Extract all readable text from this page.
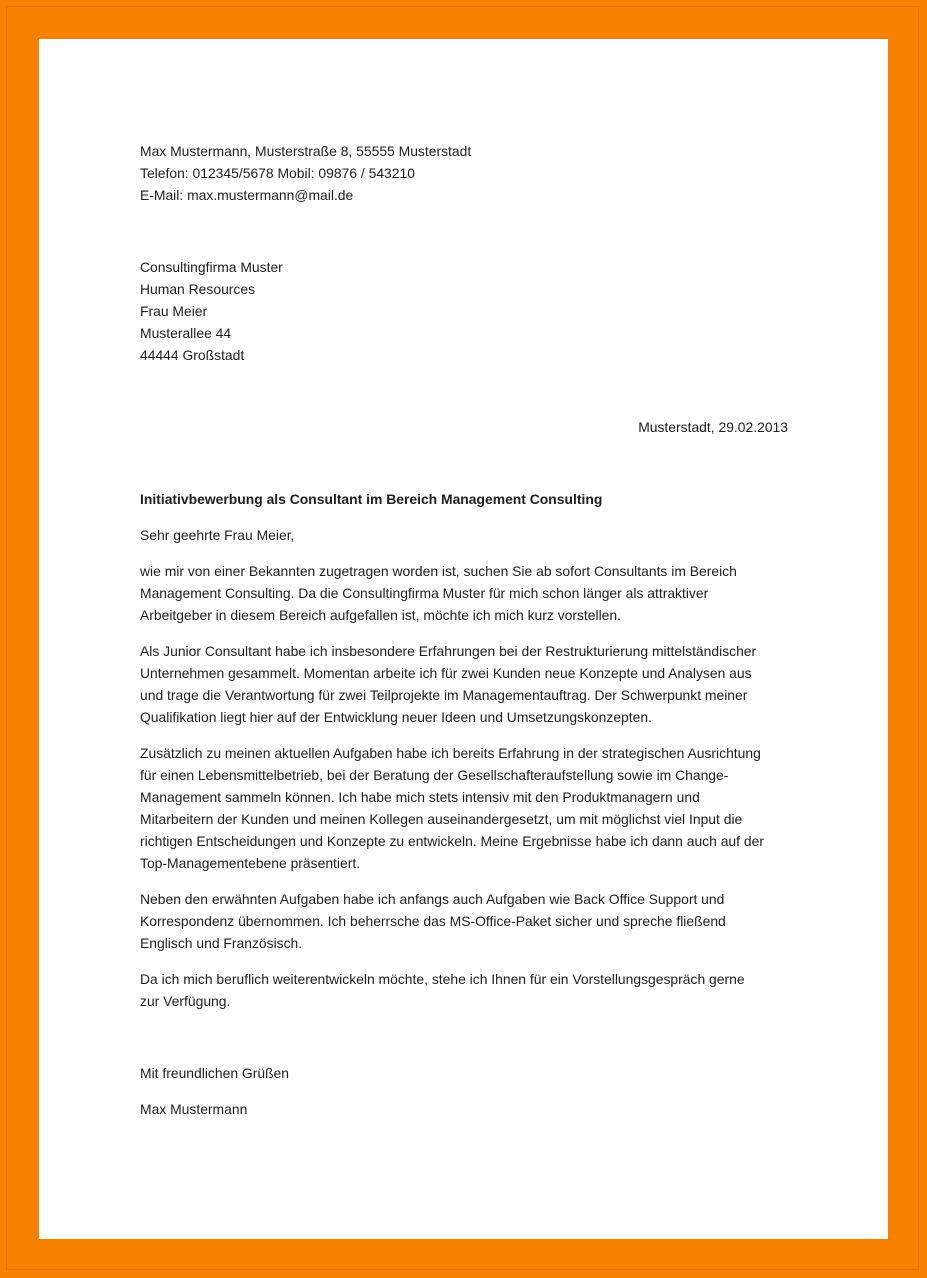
Max Mustermann, Musterstraße 8, 55555 Musterstadt
Telefon: 012345/5678 Mobil: 09876 / 543210
E-Mail: max.mustermann@mail.de
Consultingfirma Muster
Human Resources
Frau Meier
Musterallee 44
44444 Großstadt
Musterstadt, 29.02.2013
Initiativbewerbung als Consultant im Bereich Management Consulting
Sehr geehrte Frau Meier,
wie mir von einer Bekannten zugetragen worden ist, suchen Sie ab sofort Consultants im Bereich
Management Consulting. Da die Consultingfirma Muster für mich schon länger als attraktiver
Arbeitgeber in diesem Bereich aufgefallen ist, möchte ich mich kurz vorstellen.
Als Junior Consultant habe ich insbesondere Erfahrungen bei der Restrukturierung mittelständischer
Unternehmen gesammelt. Momentan arbeite ich für zwei Kunden neue Konzepte und Analysen aus
und trage die Verantwortung für zwei Teilprojekte im Managementauftrag. Der Schwerpunkt meiner
Qualifikation liegt hier auf der Entwicklung neuer Ideen und Umsetzungskonzepten.
Zusätzlich zu meinen aktuellen Aufgaben habe ich bereits Erfahrung in der strategischen Ausrichtung
für einen Lebensmittelbetrieb, bei der Beratung der Gesellschafteraufstellung sowie im Change-
Management sammeln können. Ich habe mich stets intensiv mit den Produktmanagern und
Mitarbeitern der Kunden und meinen Kollegen auseinandergesetzt, um mit möglichst viel Input die
richtigen Entscheidungen und Konzepte zu entwickeln. Meine Ergebnisse habe ich dann auch auf der
Top-Managementebene präsentiert.
Neben den erwähnten Aufgaben habe ich anfangs auch Aufgaben wie Back Office Support und
Korrespondenz übernommen. Ich beherrsche das MS-Office-Paket sicher und spreche fließend
Englisch und Französisch.
Da ich mich beruflich weiterentwickeln möchte, stehe ich Ihnen für ein Vorstellungsgespräch gerne
zur Verfügung.
Mit freundlichen Grüßen
Max Mustermann
